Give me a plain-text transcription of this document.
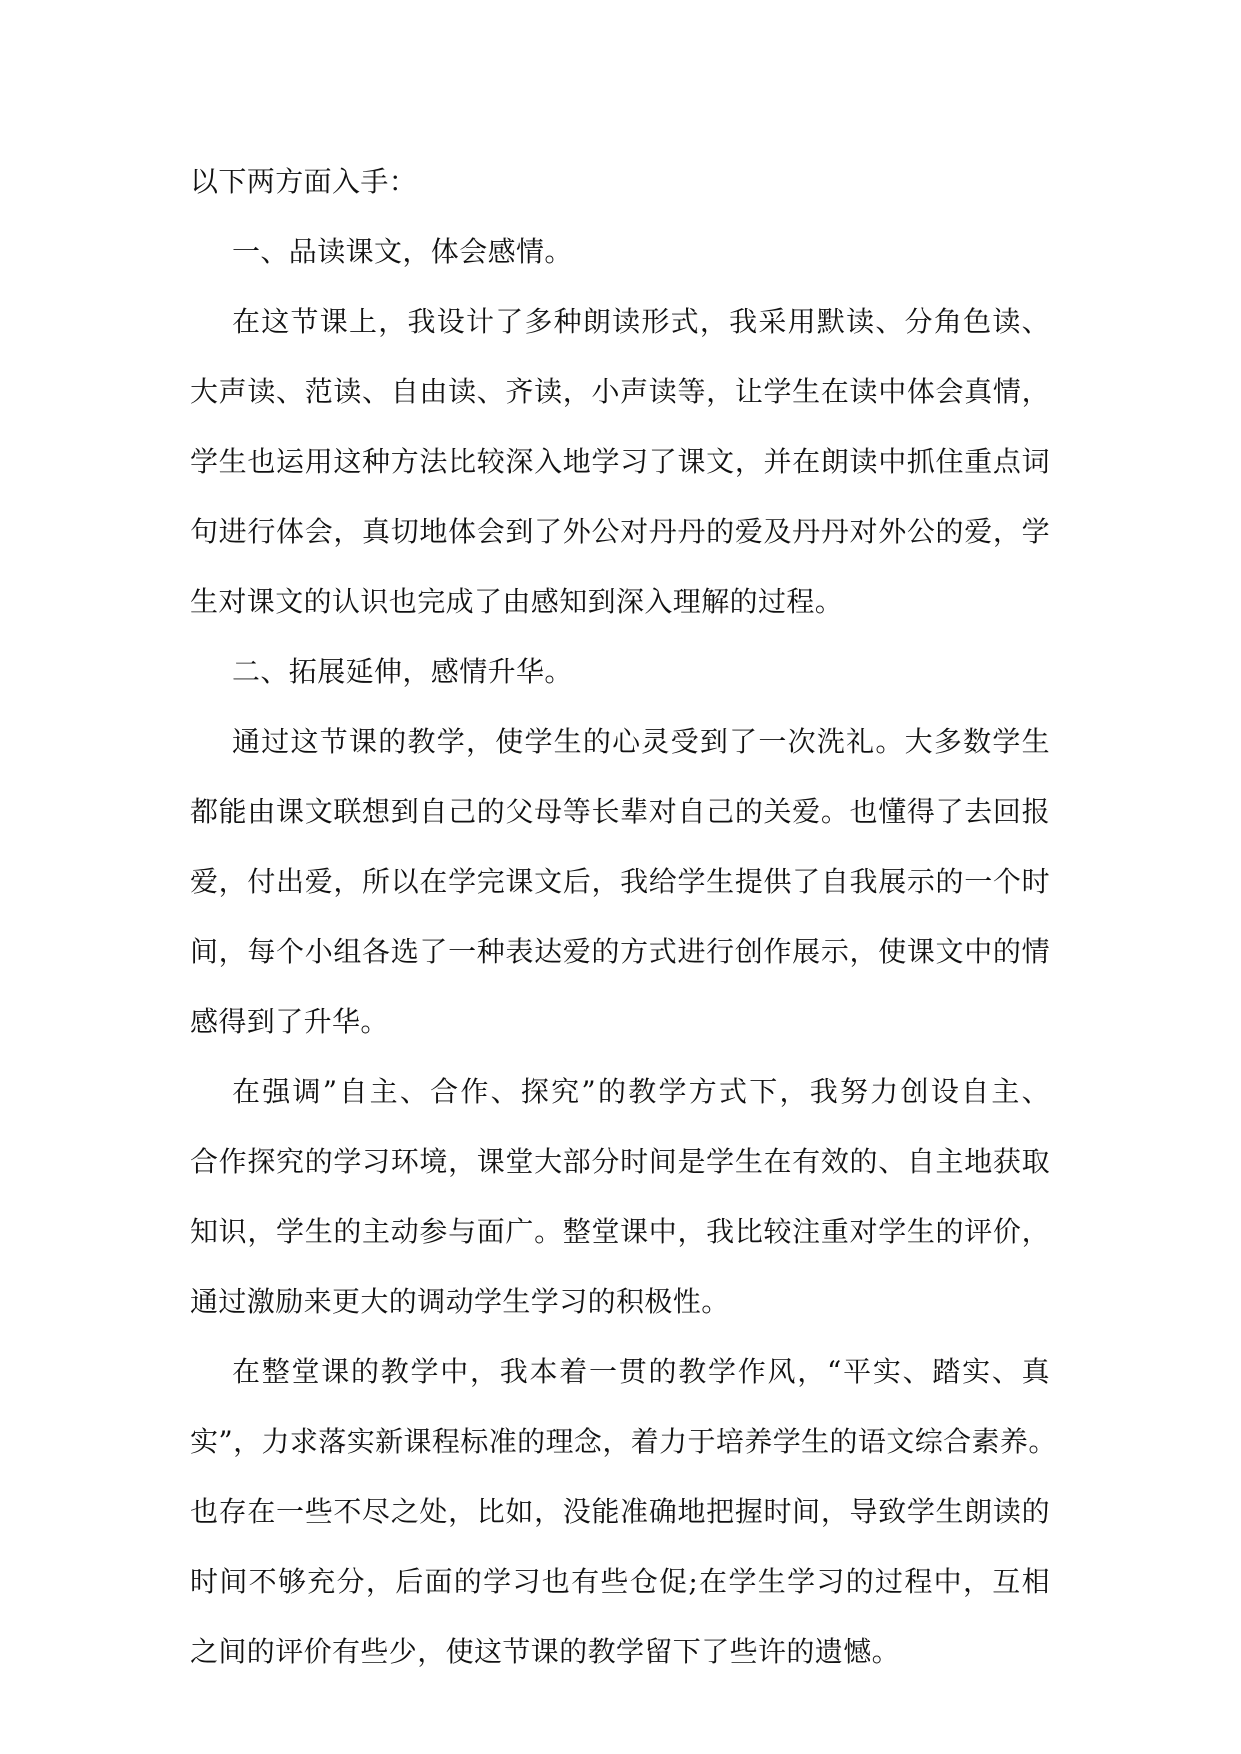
以下两方面入手：
一、品读课文，体会感情。
在这节课上，我设计了多种朗读形式，我采用默读、分角色读、
大声读、范读、自由读、齐读，小声读等，让学生在读中体会真情，
学生也运用这种方法比较深入地学习了课文，并在朗读中抓住重点词
句进行体会，真切地体会到了外公对丹丹的爱及丹丹对外公的爱，学
生对课文的认识也完成了由感知到深入理解的过程。
二、拓展延伸，感情升华。
通过这节课的教学，使学生的心灵受到了一次洗礼。大多数学生
都能由课文联想到自己的父母等长辈对自己的关爱。也懂得了去回报
爱，付出爱，所以在学完课文后，我给学生提供了自我展示的一个时
间，每个小组各选了一种表达爱的方式进行创作展示，使课文中的情
感得到了升华。
在强调”自主、合作、探究”的教学方式下，我努力创设自主、
合作探究的学习环境，课堂大部分时间是学生在有效的、自主地获取
知识，学生的主动参与面广。整堂课中，我比较注重对学生的评价，
通过激励来更大的调动学生学习的积极性。
在整堂课的教学中，我本着一贯的教学作风，“平实、踏实、真
实”，力求落实新课程标准的理念，着力于培养学生的语文综合素养。
也存在一些不尽之处，比如，没能准确地把握时间，导致学生朗读的
时间不够充分，后面的学习也有些仓促;在学生学习的过程中，互相
之间的评价有些少，使这节课的教学留下了些许的遗憾。
